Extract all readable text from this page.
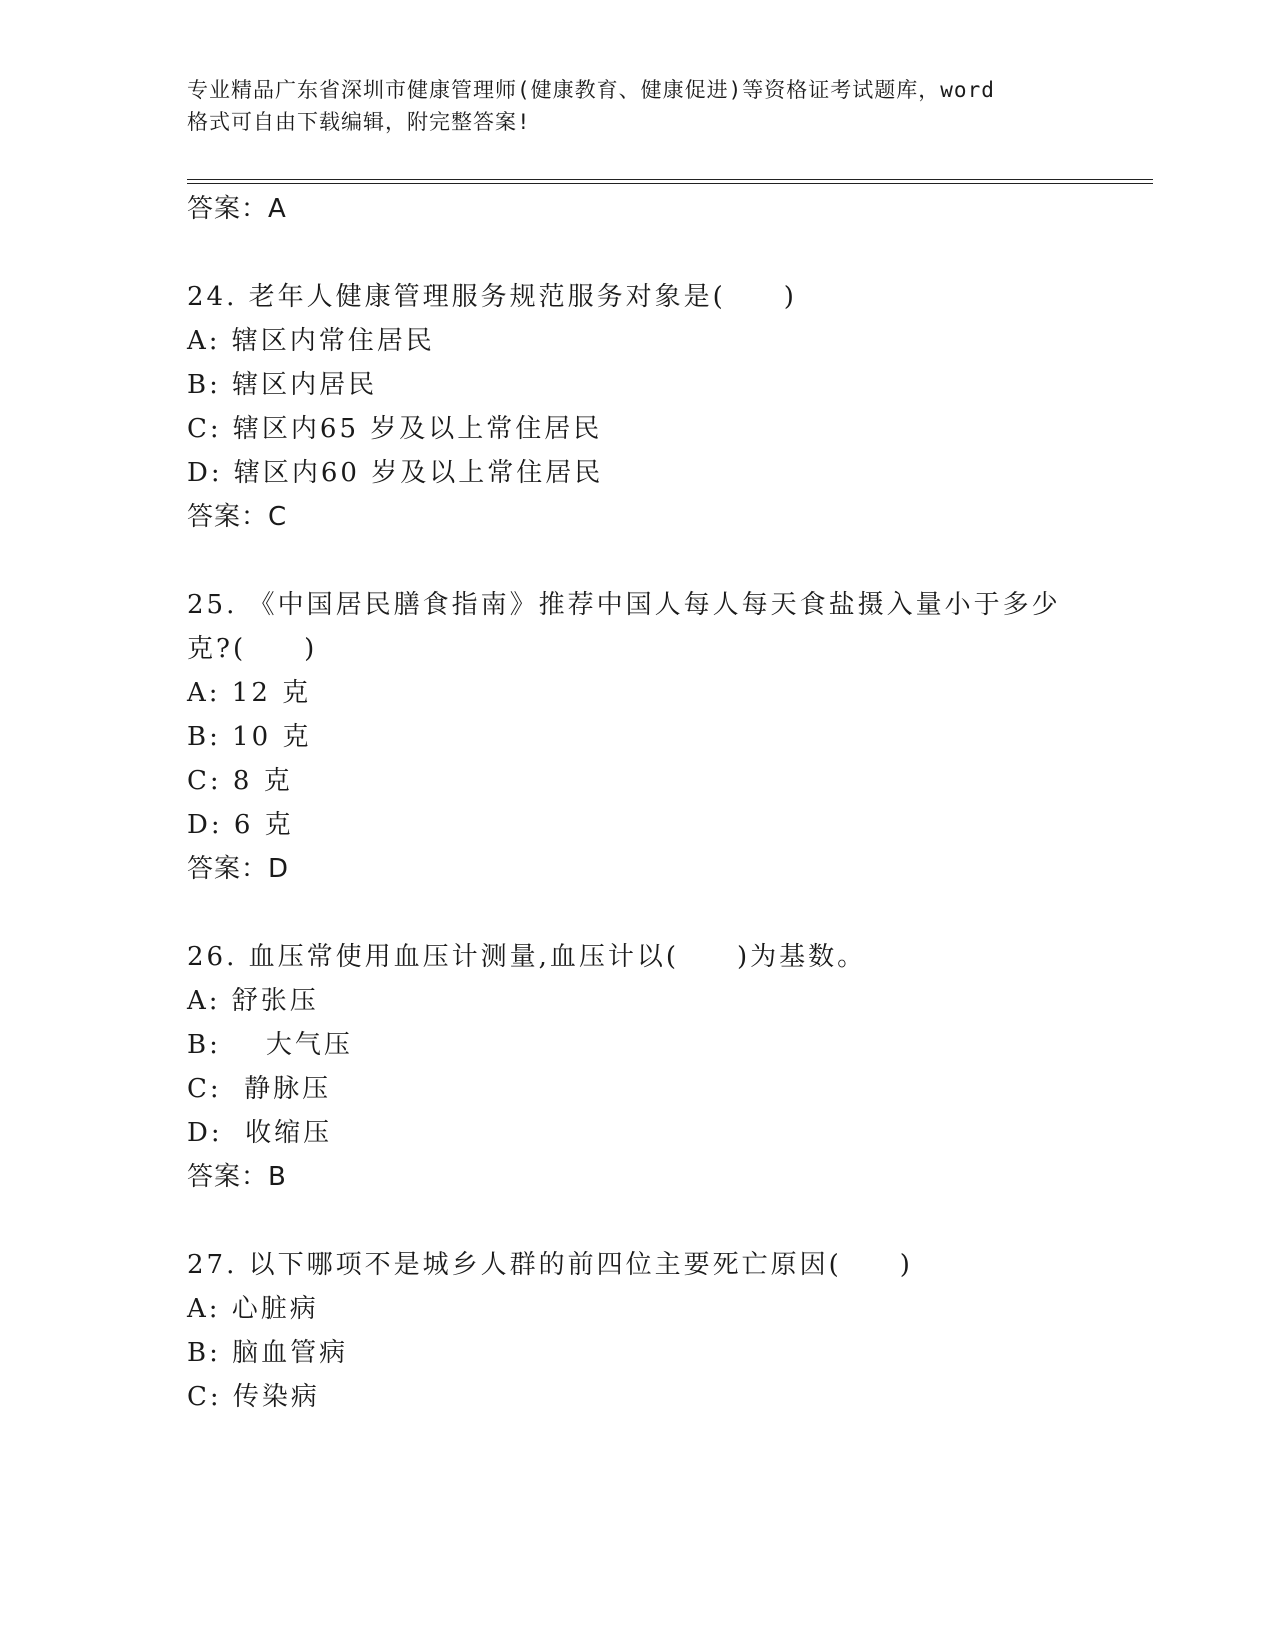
专业精品广东省深圳市健康管理师(健康教育、健康促进)等资格证考试题库，word
格式可自由下载编辑，附完整答案!
答案：A
24. 老年人健康管理服务规范服务对象是(　　)
A: 辖区内常住居民
B: 辖区内居民
C: 辖区内65 岁及以上常住居民
D: 辖区内60 岁及以上常住居民
答案：C
25. 《中国居民膳食指南》推荐中国人每人每天食盐摄入量小于多少
克?(　　)
A: 12 克
B: 10 克
C: 8 克
D: 6 克
答案：D
26. 血压常使用血压计测量,血压计以(　　)为基数。
A: 舒张压
B:    大气压
C:  静脉压
D:  收缩压
答案：B
27. 以下哪项不是城乡人群的前四位主要死亡原因(　　)
A: 心脏病
B: 脑血管病
C: 传染病
